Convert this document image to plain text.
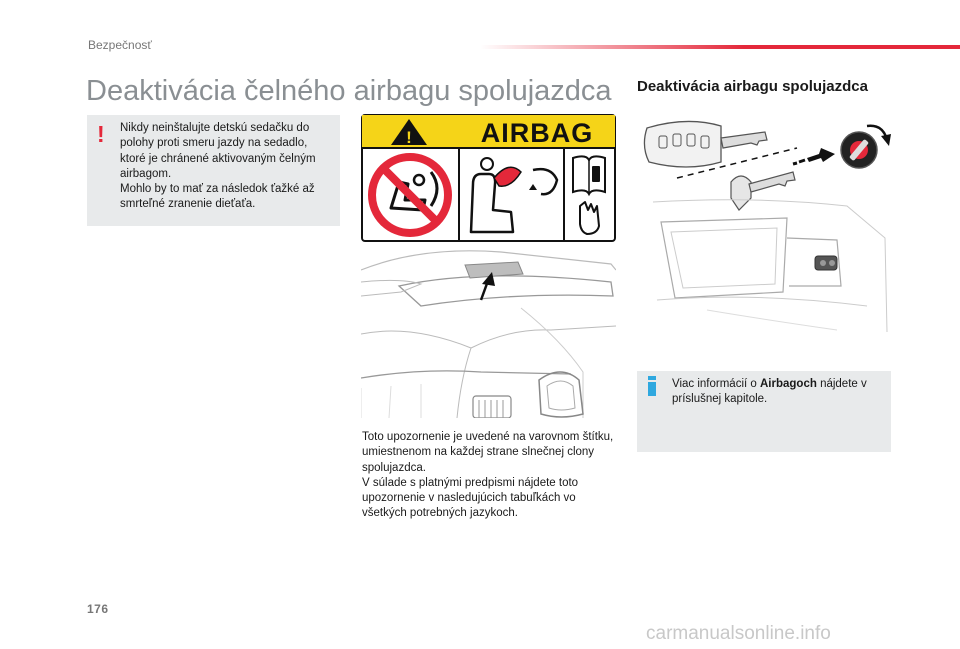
Bezpečnosť
Deaktivácia čelného airbagu spolujazdca Deaktivácia airbagu spolujazdca
! Nikdy neinštalujte detskú sedačku do polohy proti smeru jazdy na sedadlo, ktoré je chránené aktivovaným čelným airbagom.

Mohlo by to mať za následok ťažké až smrteľné zranenie dieťaťa.

!	AIRBAG

Toto upozornenie je uvedené na varovnom štítku, umiestnenom na každej strane slnečnej clony spolujazdca.

V súlade s platnými predpismi nájdete toto upozornenie v nasledujúcich tabuľkách vo všetkých potrebných jazykoch.

Viac informácií o Airbagoch nájdete v príslušnej kapitole.
176
carmanualsonline.info
